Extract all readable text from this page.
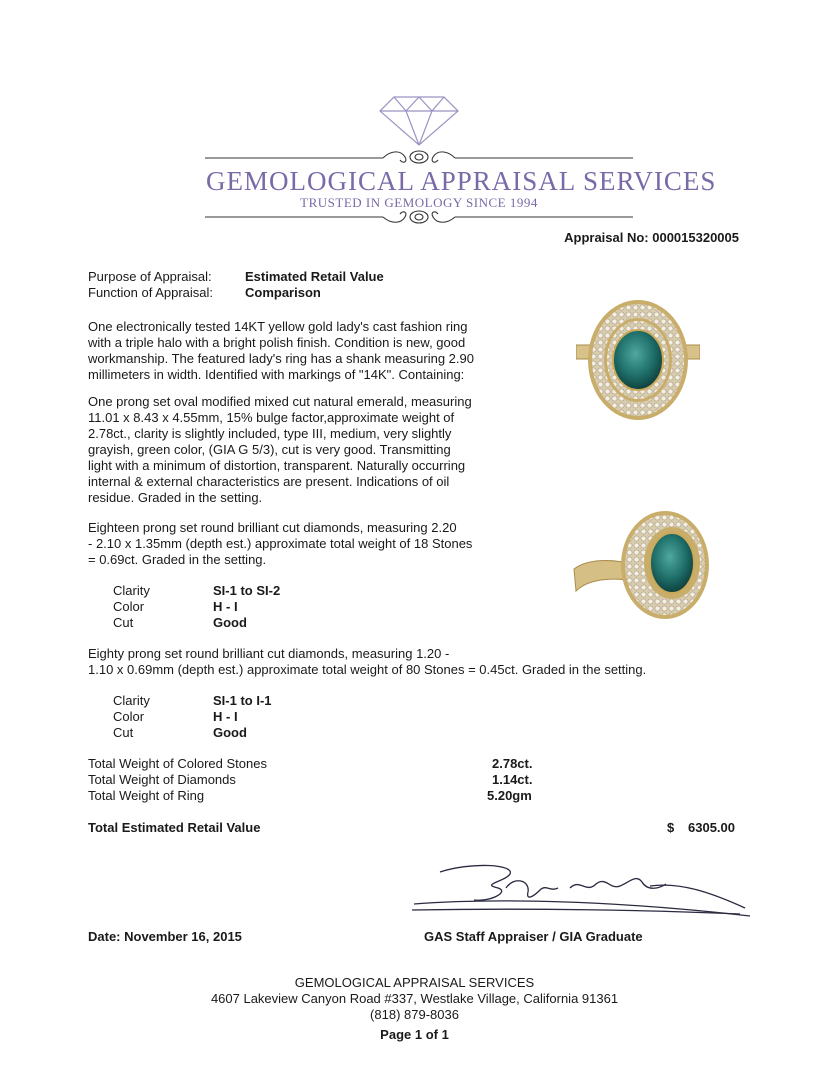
GEMOLOGICAL APPRAISAL SERVICES
TRUSTED IN GEMOLOGY SINCE 1994
Appraisal No: 000015320005
Purpose of Appraisal:	Estimated Retail Value
Function of Appraisal: Comparison
One electronically tested 14KT yellow gold lady's cast fashion ring
with a triple halo with a bright polish finish. Condition is new, good
workmanship. The featured lady's ring has a shank measuring 2.90
millimeters in width. Identified with markings of "14K". Containing:
One prong set oval modified mixed cut natural emerald, measuring
11.01 x 8.43 x 4.55mm, 15% bulge factor,approximate weight of
2.78ct., clarity is slightly included, type III, medium, very slightly
grayish, green color, (GIA G 5/3), cut is very good. Transmitting
light with a minimum of distortion, transparent. Naturally occurring
internal & external characteristics are present. Indications of oil
residue. Graded in the setting.
Eighteen prong set round brilliant cut diamonds, measuring 2.20
- 2.10 x 1.35mm (depth est.) approximate total weight of 18 Stones
= 0.69ct. Graded in the setting.
Clarity	SI-1 to SI-2
Color	H - I
Cut	Good
Eighty prong set round brilliant cut diamonds, measuring 1.20 -
1.10 x 0.69mm (depth est.) approximate total weight of 80 Stones = 0.45ct. Graded in the setting.
Clarity	SI-1 to I-1
Color	H - I
Cut	Good
Total Weight of Colored Stones	2.78ct.
Total Weight of Diamonds	1.14ct.
Total Weight of Ring	5.20gm
Total Estimated Retail Value	$ 6305.00
Date: November 16, 2015	GAS Staff Appraiser / GIA Graduate
GEMOLOGICAL APPRAISAL SERVICES
4607 Lakeview Canyon Road #337, Westlake Village, California 91361
(818) 879-8036
Page 1 of 1
